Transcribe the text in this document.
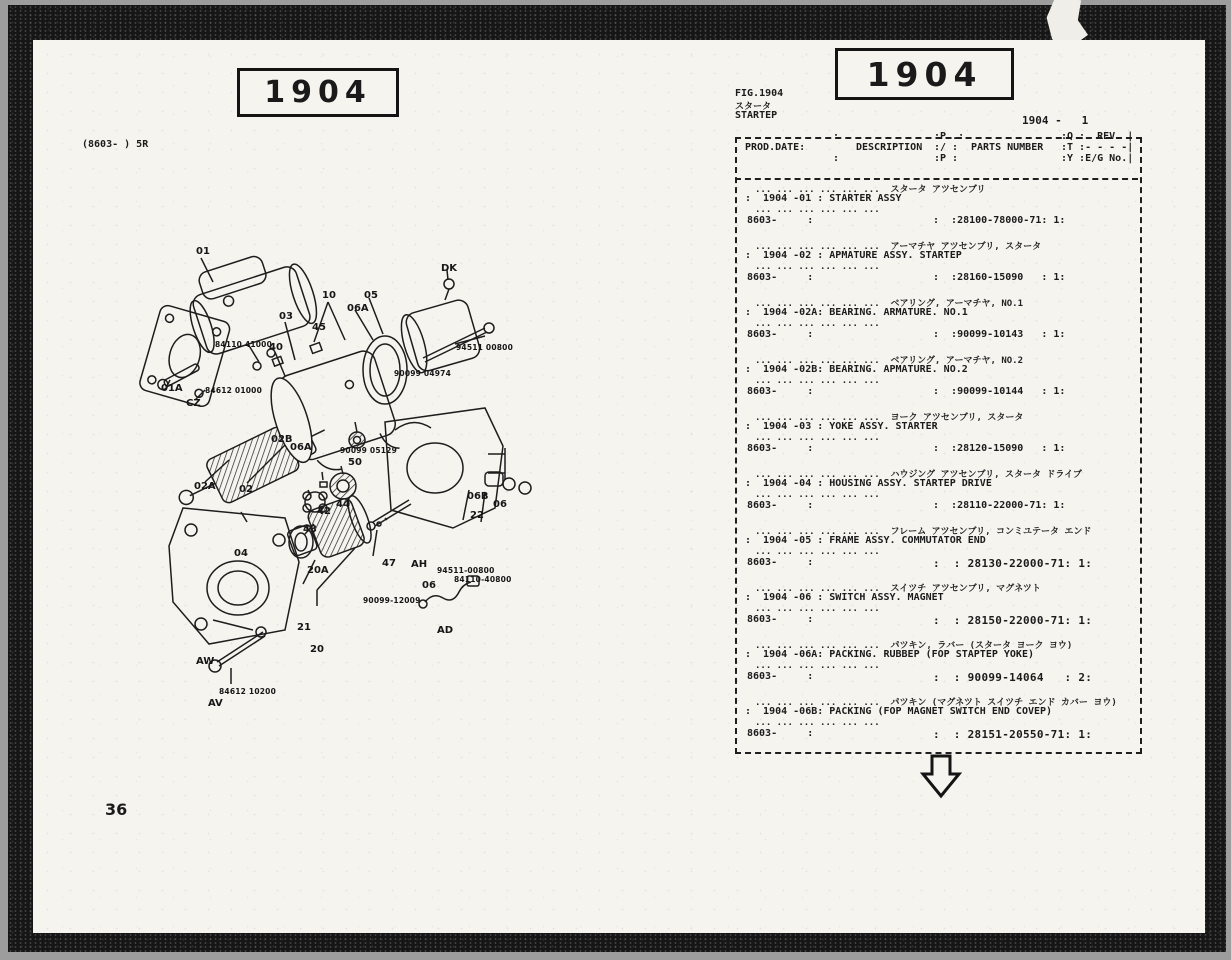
1904	1904
(8603- ) 5R
36
FIG.1904
スタータ
STARTEP	1904 -   1
PROD.DATE:
:
DESCRIPTION
:
:P .:
:/ :
:P :
PARTS NUMBER
:Q :  REV. |
:T :- - - -|
:Y :E/G No.|
... ... ... ... ... ...  スタータ アツセンブリ
:  1904 -01 : STARTER ASSY
... ... ... ... ... ...
8603-     :	:  :28100-78000-71: 1:
... ... ... ... ... ...  アーマチヤ アツセンブリ, スタータ
:  1904 -02 : APMATURE ASSY. STARTEP
... ... ... ... ... ...
8603-     :	:  :28160-15090   : 1:
... ... ... ... ... ...  ベアリング, アーマチヤ, NO.1
:  1904 -02A: BEARING. ARMATURE. NO.1
... ... ... ... ... ...
8603-     :	:  :90099-10143   : 1:
... ... ... ... ... ...  ベアリング, アーマチヤ, NO.2
:  1904 -02B: BEARING. APMATURE. NO.2
... ... ... ... ... ...
8603-     :	:  :90099-10144   : 1:
... ... ... ... ... ...  ヨーク アツセンブリ, スタータ
:  1904 -03 : YOKE ASSY. STARTER
... ... ... ... ... ...
8603-     :	:  :28120-15090   : 1:
... ... ... ... ... ...  ハウジング アツセンブリ, スタータ ドライブ
:  1904 -04 : HOUSING ASSY. STARTEP DRIVE
... ... ... ... ... ...
8603-     :	:  :28110-22000-71: 1:
... ... ... ... ... ...  フレーム アツセンブリ, コンミユテータ エンド
:  1904 -05 : FRAME ASSY. COMMUTATOR END
... ... ... ... ... ...
8603-     :	:  : 28130-22000-71: 1:
... ... ... ... ... ...  スイツチ アツセンブリ, マグネツト
:  1904 -06 : SWITCH ASSY. MAGNET
... ... ... ... ... ...
8603-     :	:  : 28150-22000-71: 1:
... ... ... ... ... ...  パツキン, ラバー (スタータ ヨーク ヨウ)
:  1904 -06A: PACKING. RUBBEP (FOP STAPTEP YOKE)
... ... ... ... ... ...
8603-     :	:  : 90099-14064   : 2:
... ... ... ... ... ...  パツキン (マグネツト スイツチ エンド カバー ヨウ)
:  1904 -06B: PACKING (FOP MAGNET SWITCH END COVEP)
... ... ... ... ... ...
8603-     :	:  : 28151-20550-71: 1:
01
DK
10	05
06A
03
45
40
84110 41000	94511 00800
90099 04974
01A	84612 01000
CZ
02B
06A	90099 05129
50
02A 02
44
42
43
06B
06
22
04
20A
47 AH
94511-00800
84110-40800
06
90099-12009
21
20
AD
AW
84612 10200
AV
